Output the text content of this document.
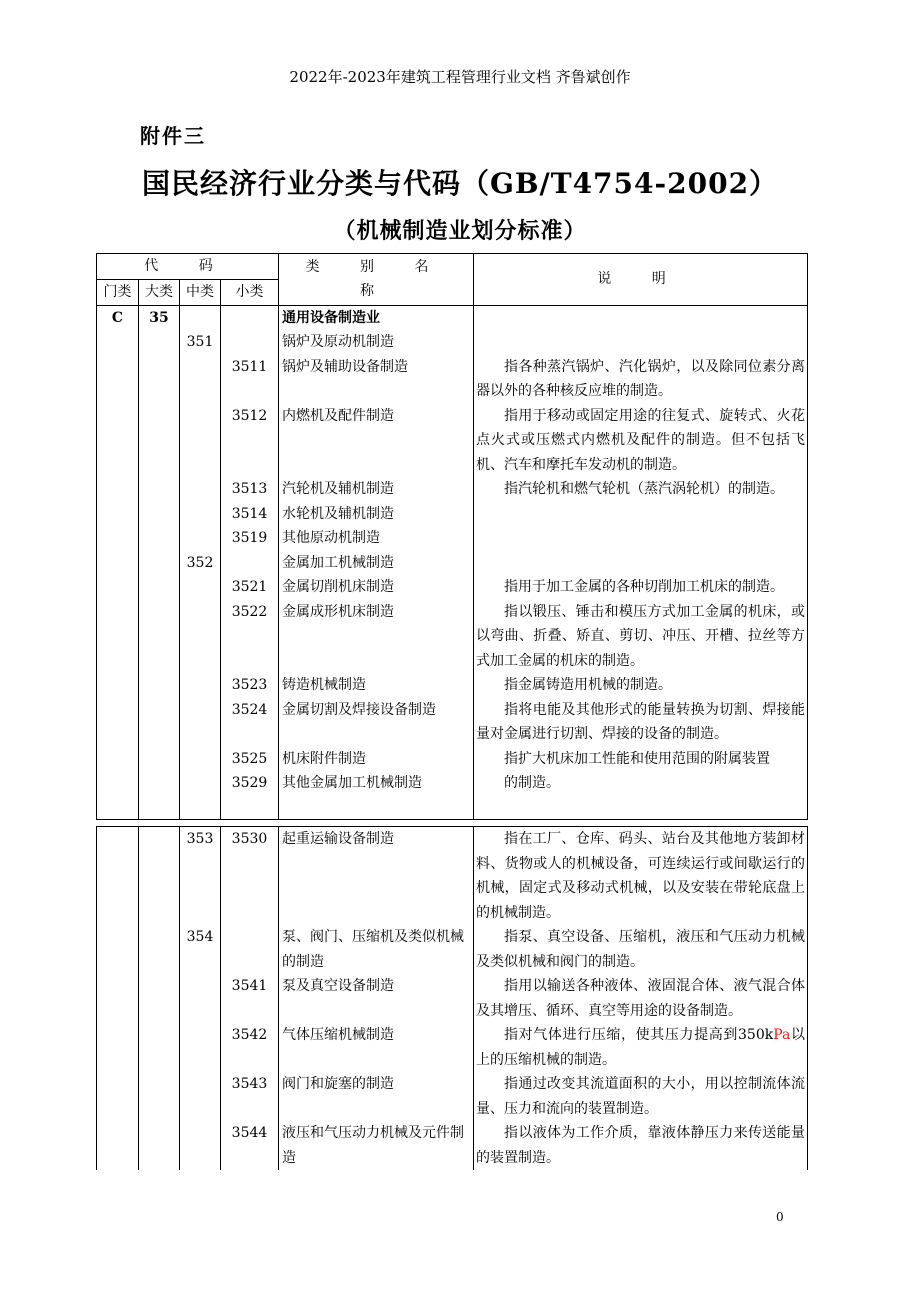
2022年-2023年建筑工程管理行业文档 齐鲁斌创作
附件三
国民经济行业分类与代码（GB/T4754-2002）
（机械制造业划分标准）
代 码				类 别 名 称	说 明
门类	大类	中类	小类		
C	35			通用设备制造业	
		351		锅炉及原动机制造	
			3511	锅炉及辅助设备制造	指各种蒸汽锅炉、汽化锅炉，以及除同位素分离器以外的各种核反应堆的制造。
			3512	内燃机及配件制造	指用于移动或固定用途的往复式、旋转式、火花点火式或压燃式内燃机及配件的制造。但不包括飞机、汽车和摩托车发动机的制造。
			3513	汽轮机及辅机制造	指汽轮机和燃气轮机（蒸汽涡轮机）的制造。
			3514	水轮机及辅机制造	
			3519	其他原动机制造	
		352		金属加工机械制造	
			3521	金属切削机床制造	指用于加工金属的各种切削加工机床的制造。
			3522	金属成形机床制造	指以锻压、锤击和模压方式加工金属的机床，或以弯曲、折叠、矫直、剪切、冲压、开槽、拉丝等方式加工金属的机床的制造。
			3523	铸造机械制造	指金属铸造用机械的制造。
			3524	金属切割及焊接设备制造	指将电能及其他形式的能量转换为切割、焊接能量对金属进行切割、焊接的设备的制造。
			3525	机床附件制造	指扩大机床加工性能和使用范围的附属装置
			3529	其他金属加工机械制造	的制造。

		353	3530	起重运输设备制造	指在工厂、仓库、码头、站台及其他地方装卸材料、货物或人的机械设备，可连续运行或间歇运行的机械，固定式及移动式机械，以及安装在带轮底盘上的机械制造。
		354		泵、阀门、压缩机及类似机械的制造	指泵、真空设备、压缩机，液压和气压动力机械及类似机械和阀门的制造。
			3541	泵及真空设备制造	指用以输送各种液体、液固混合体、液气混合体及其增压、循环、真空等用途的设备制造。
			3542	气体压缩机械制造	指对气体进行压缩，使其压力提高到350kPa以上的压缩机械的制造。
			3543	阀门和旋塞的制造	指通过改变其流道面积的大小，用以控制流体流量、压力和流向的装置制造。
			3544	液压和气压动力机械及元件制造	指以液体为工作介质，靠液体静压力来传送能量的装置制造。
0
